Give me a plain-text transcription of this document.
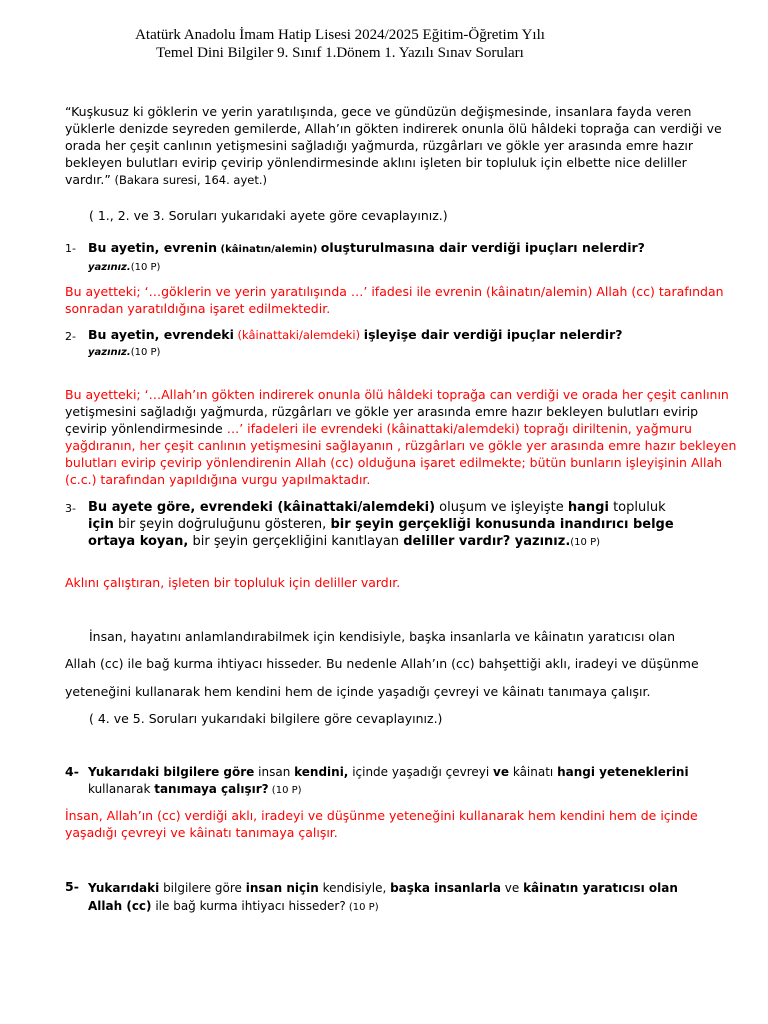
Atatürk Anadolu İmam Hatip Lisesi 2024/2025 Eğitim-Öğretim Yılı
Temel Dini Bilgiler 9. Sınıf 1.Dönem 1. Yazılı Sınav Soruları
“Kuşkusuz ki göklerin ve yerin yaratılışında, gece ve gündüzün değişmesinde, insanlara fayda veren
yüklerle denizde seyreden gemilerde, Allah’ın gökten indirerek onunla ölü hâldeki toprağa can verdiği ve
orada her çeşit canlının yetişmesini sağladığı yağmurda, rüzgârları ve gökle yer arasında emre hazır
bekleyen bulutları evirip çevirip yönlendirmesinde aklını işleten bir topluluk için elbette nice deliller
vardır.” (Bakara suresi, 164. ayet.)
( 1., 2. ve 3. Soruları yukarıdaki ayete göre cevaplayınız.)
1- Bu ayetin, evrenin (kâinatın/alemin) oluşturulmasına dair verdiği ipuçları nelerdir?
yazınız.(10 P)
Bu ayetteki; ‘…göklerin ve yerin yaratılışında …’ ifadesi ile evrenin (kâinatın/alemin) Allah (cc) tarafından
sonradan yaratıldığına işaret edilmektedir.
2- Bu ayetin, evrendeki (kâinattaki/alemdeki) işleyişe dair verdiği ipuçlar nelerdir?
yazınız.(10 P)
Bu ayetteki; ‘…Allah’ın gökten indirerek onunla ölü hâldeki toprağa can verdiği ve orada her çeşit canlının
yetişmesini sağladığı yağmurda, rüzgârları ve gökle yer arasında emre hazır bekleyen bulutları evirip
çevirip yönlendirmesinde …’ ifadeleri ile evrendeki (kâinattaki/alemdeki) toprağı diriltenin, yağmuru
yağdıranın, her çeşit canlının yetişmesini sağlayanın , rüzgârları ve gökle yer arasında emre hazır bekleyen
bulutları evirip çevirip yönlendirenin Allah (cc) olduğuna işaret edilmekte; bütün bunların işleyişinin Allah
(c.c.) tarafından yapıldığına vurgu yapılmaktadır.
3- Bu ayete göre, evrendeki (kâinattaki/alemdeki) oluşum ve işleyişte hangi topluluk
için bir şeyin doğruluğunu gösteren, bir şeyin gerçekliği konusunda inandırıcı belge
ortaya koyan, bir şeyin gerçekliğini kanıtlayan deliller vardır? yazınız.(10 P)
Aklını çalıştıran, işleten bir topluluk için deliller vardır.
İnsan, hayatını anlamlandırabilmek için kendisiyle, başka insanlarla ve kâinatın yaratıcısı olan
Allah (cc) ile bağ kurma ihtiyacı hisseder. Bu nedenle Allah’ın (cc) bahşettiği aklı, iradeyi ve düşünme
yeteneğini kullanarak hem kendini hem de içinde yaşadığı çevreyi ve kâinatı tanımaya çalışır.
( 4. ve 5. Soruları yukarıdaki bilgilere göre cevaplayınız.)
4- Yukarıdaki bilgilere göre insan kendini, içinde yaşadığı çevreyi ve kâinatı hangi yeteneklerini
kullanarak tanımaya çalışır? (10 P)
İnsan, Allah’ın (cc) verdiği aklı, iradeyi ve düşünme yeteneğini kullanarak hem kendini hem de içinde
yaşadığı çevreyi ve kâinatı tanımaya çalışır.
5- Yukarıdaki bilgilere göre insan niçin kendisiyle, başka insanlarla ve kâinatın yaratıcısı olan
Allah (cc) ile bağ kurma ihtiyacı hisseder? (10 P)
